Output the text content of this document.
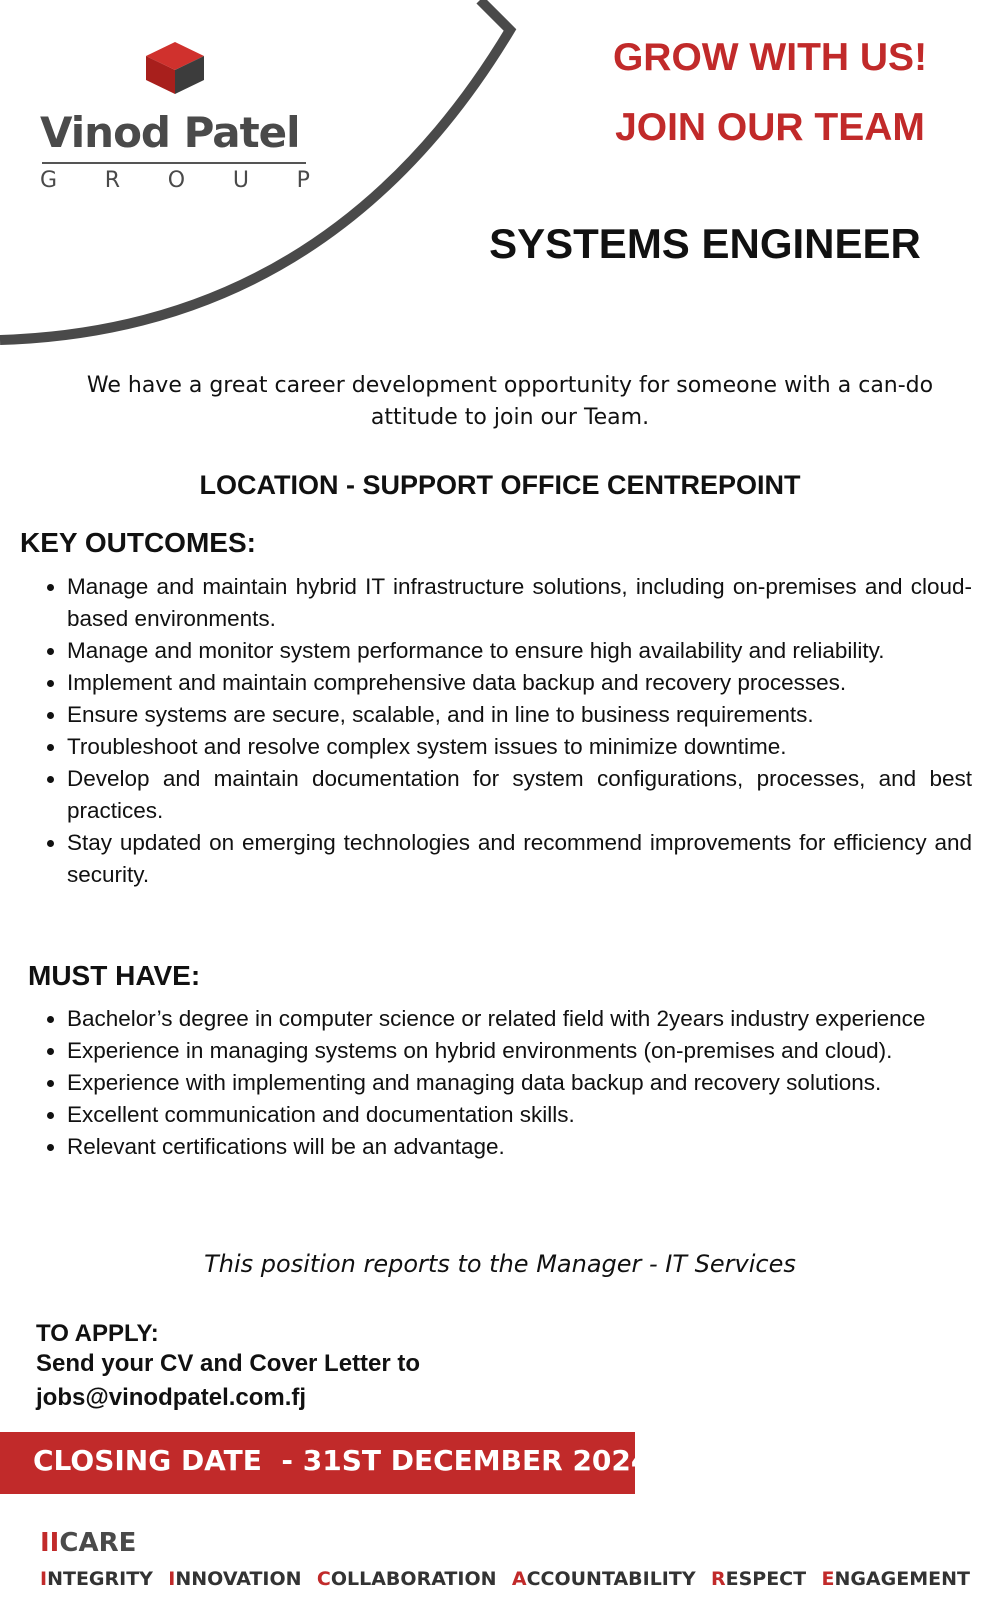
Vinod Patel
G R O U P
GROW WITH US!
JOIN OUR TEAM
SYSTEMS ENGINEER
We have a great career development opportunity for someone with a can-do attitude to join our Team.
LOCATION - SUPPORT OFFICE CENTREPOINT
KEY OUTCOMES:
• Manage and maintain hybrid IT infrastructure solutions, including on-premises and cloud-based environments.
• Manage and monitor system performance to ensure high availability and reliability.
• Implement and maintain comprehensive data backup and recovery processes.
• Ensure systems are secure, scalable, and in line to business requirements.
• Troubleshoot and resolve complex system issues to minimize downtime.
• Develop and maintain documentation for system configurations, processes, and best practices.
• Stay updated on emerging technologies and recommend improvements for efficiency and security.
MUST HAVE:
• Bachelor’s degree in computer science or related field with 2years industry experience
• Experience in managing systems on hybrid environments (on-premises and cloud).
• Experience with implementing and managing data backup and recovery solutions.
• Excellent communication and documentation skills.
• Relevant certifications will be an advantage.
This position reports to the Manager - IT Services
TO APPLY:
Send your CV and Cover Letter to
jobs@vinodpatel.com.fj
CLOSING DATE  - 31ST DECEMBER 2024
IICARE
INTEGRITY INNOVATION COLLABORATION ACCOUNTABILITY RESPECT ENGAGEMENT
